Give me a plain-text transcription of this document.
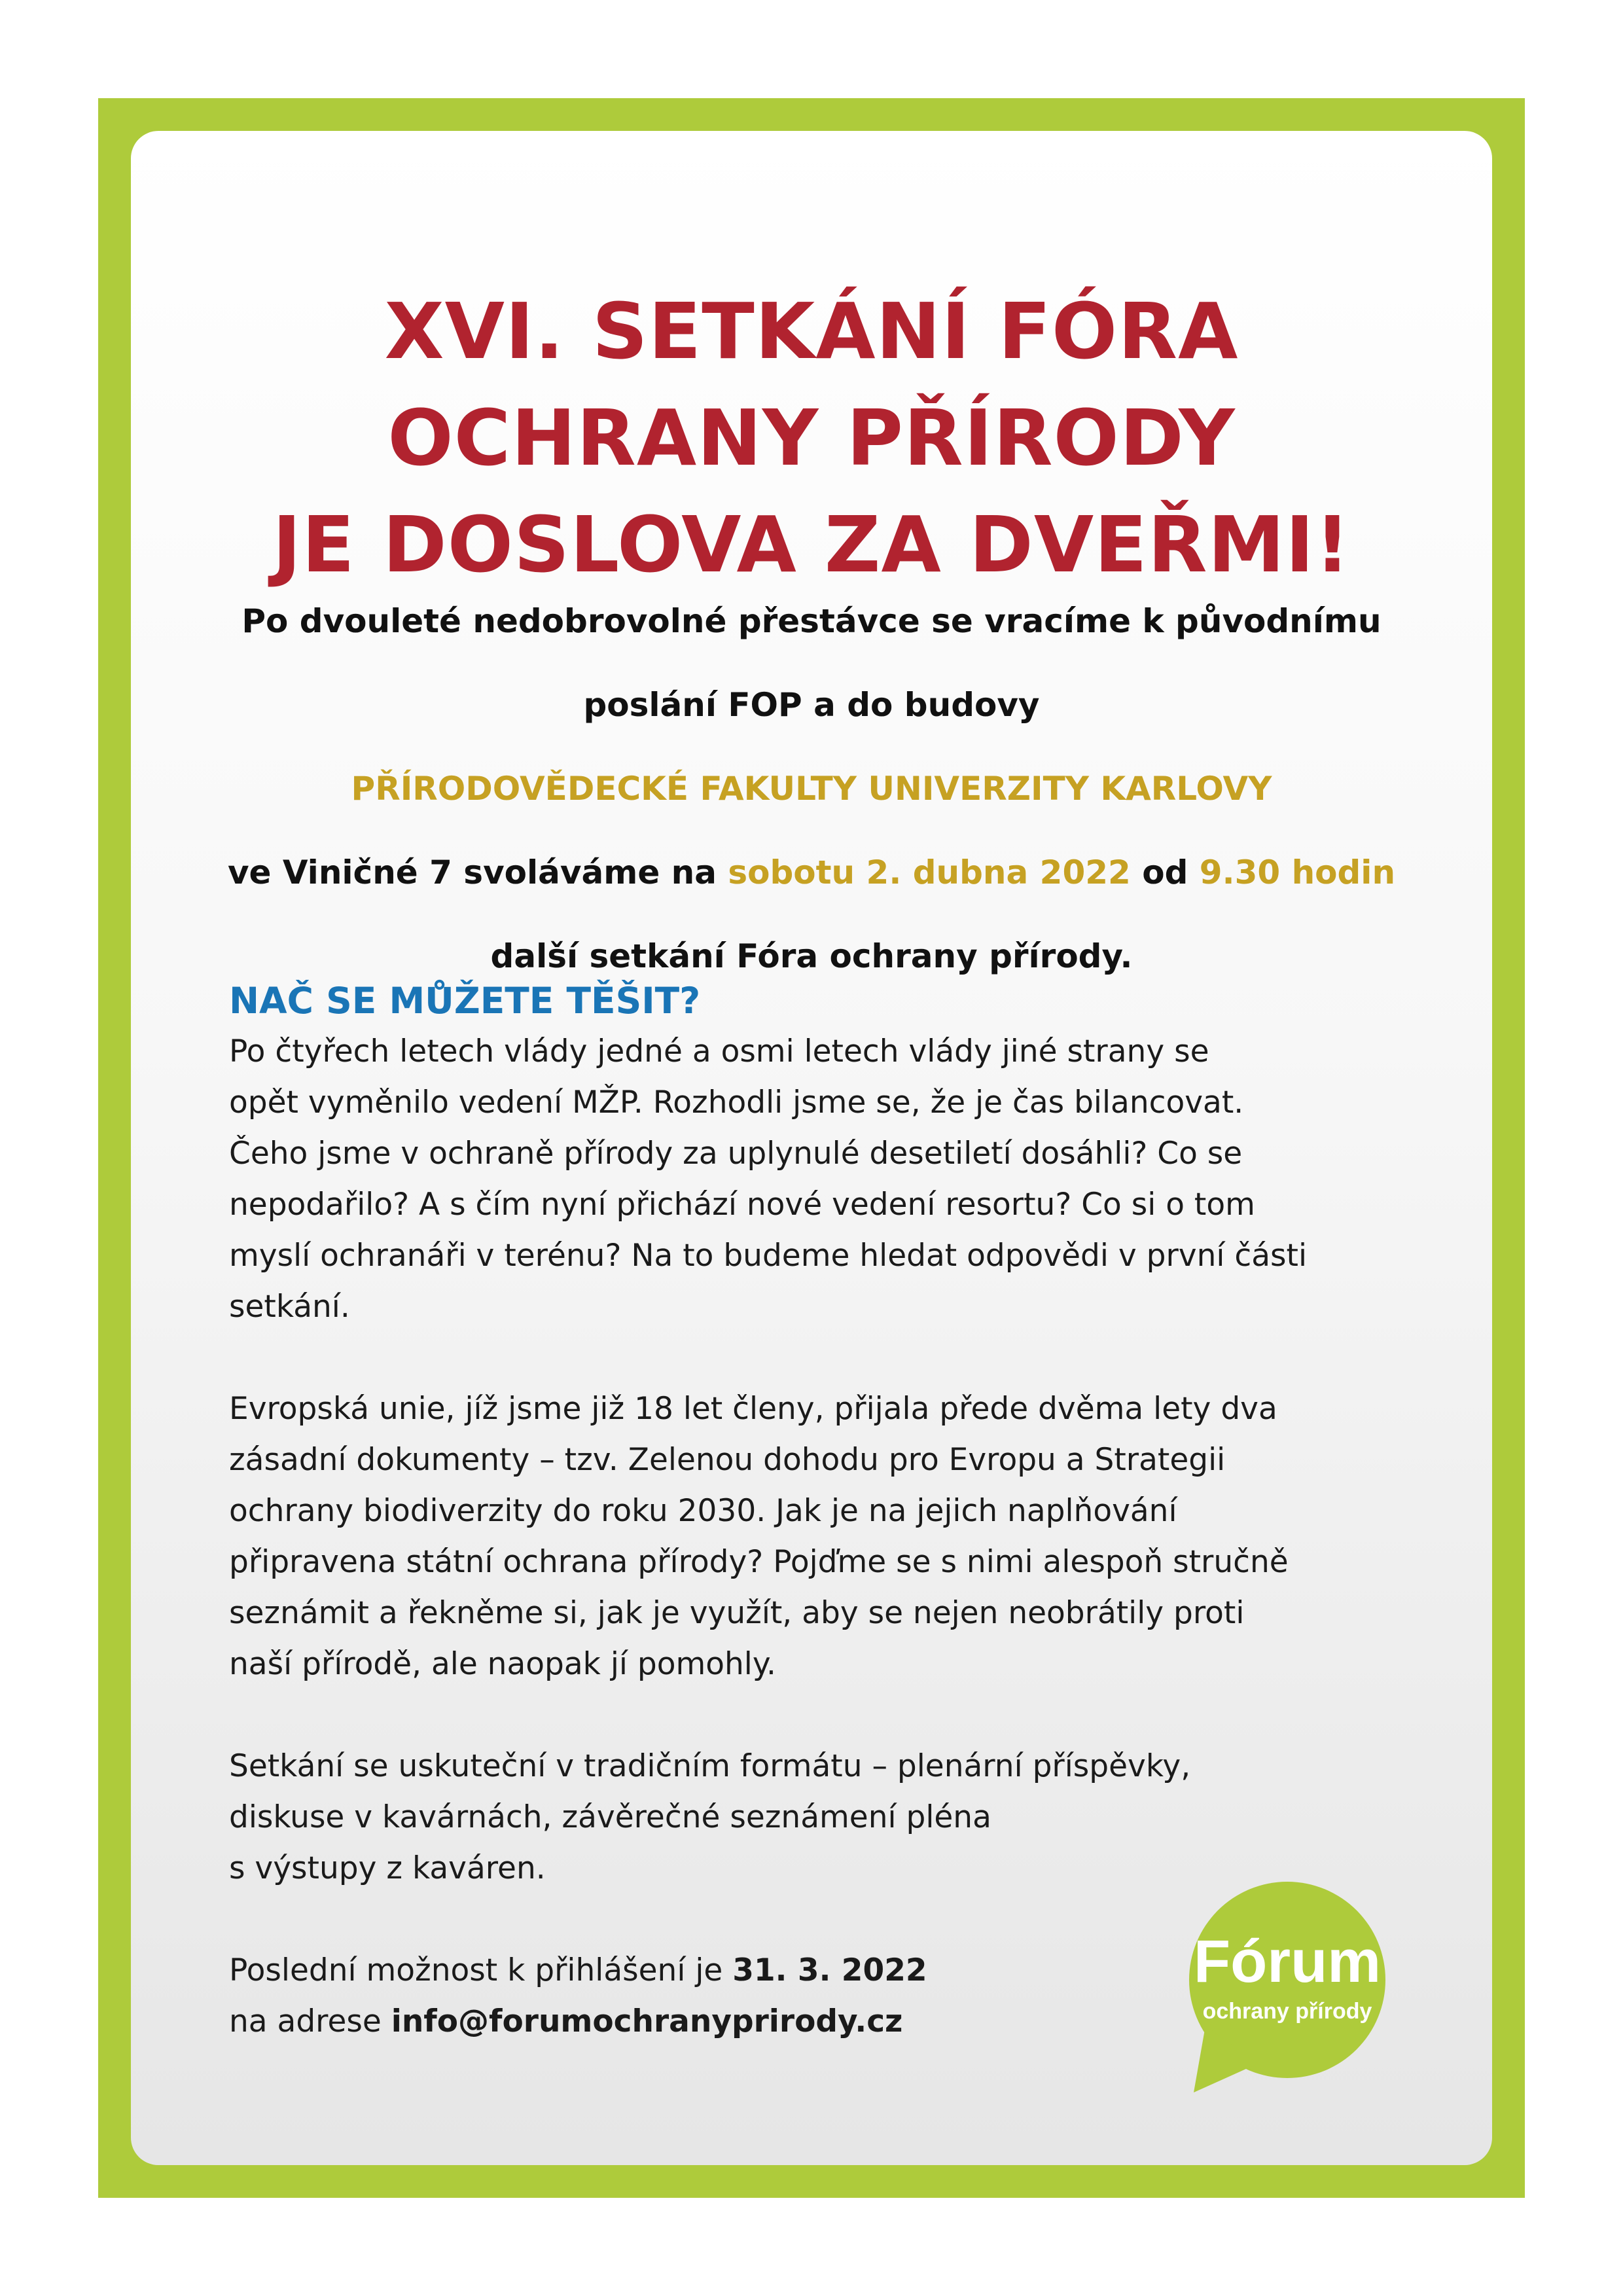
XVI. SETKÁNÍ FÓRA
OCHRANY PŘÍRODY
JE DOSLOVA ZA DVEŘMI!
Po dvouleté nedobrovolné přestávce se vracíme k původnímu
poslání FOP a do budovy
PŘÍRODOVĚDECKÉ FAKULTY UNIVERZITY KARLOVY
ve Viničné 7 svoláváme na sobotu 2. dubna 2022 od 9.30 hodin
další setkání Fóra ochrany přírody.
NAČ SE MŮŽETE TĚŠIT?
Po čtyřech letech vlády jedné a osmi letech vlády jiné strany se
opět vyměnilo vedení MŽP. Rozhodli jsme se, že je čas bilancovat.
Čeho jsme v ochraně přírody za uplynulé desetiletí dosáhli? Co se
nepodařilo? A s čím nyní přichází nové vedení resortu? Co si o tom
myslí ochranáři v terénu? Na to budeme hledat odpovědi v první části
setkání.
Evropská unie, jíž jsme již 18 let členy, přijala přede dvěma lety dva
zásadní dokumenty – tzv. Zelenou dohodu pro Evropu a Strategii
ochrany biodiverzity do roku 2030. Jak je na jejich naplňování
připravena státní ochrana přírody? Pojďme se s nimi alespoň stručně
seznámit a řekněme si, jak je využít, aby se nejen neobrátily proti
naší přírodě, ale naopak jí pomohly.
Setkání se uskuteční v tradičním formátu – plenární příspěvky,
diskuse v kavárnách, závěrečné seznámení pléna
s výstupy z kaváren.
Poslední možnost k přihlášení je 31. 3. 2022
na adrese info@forumochranyprirody.cz
Fórum
ochrany přírody
